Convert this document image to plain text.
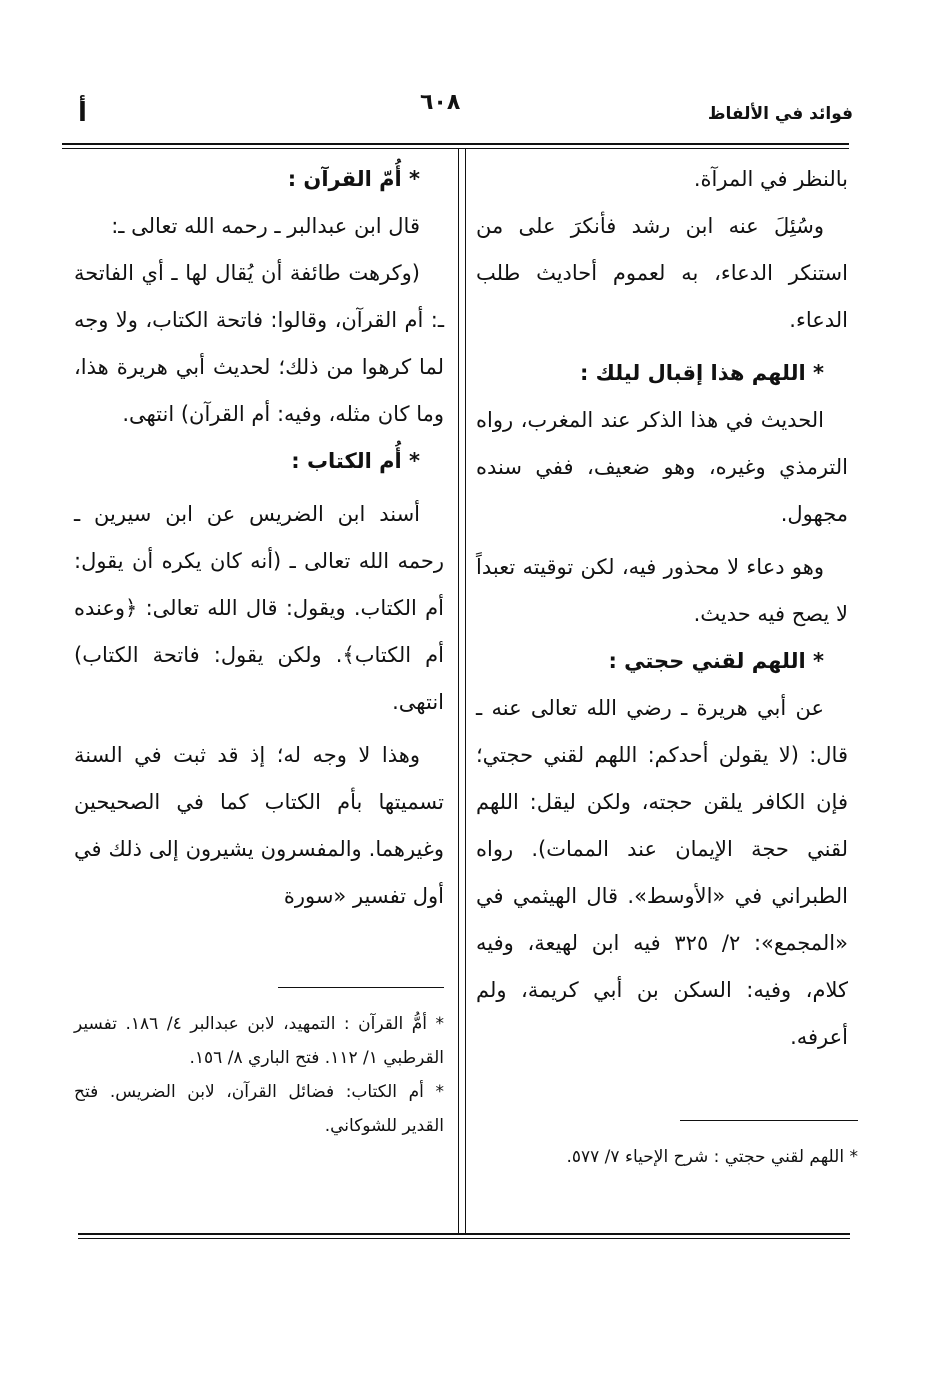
فوائد في الألفاظ
٦٠٨
أ

بالنظر في المرآة.

وسُئِلَ عنه ابن رشد فأنكرَ على من استنكر الدعاء، به لعموم أحاديث طلب الدعاء.

* اللهم هذا إقبال ليلك :

الحديث في هذا الذكر عند المغرب، رواه الترمذي وغيره، وهو ضعيف، ففي سنده مجهول.

وهو دعاء لا محذور فيه، لكن توقيته تعبداً لا يصح فيه حديث.

* اللهم لقني حجتي :

عن أبي هريرة ـ رضي الله تعالى عنه ـ قال: (لا يقولن أحدكم: اللهم لقني حجتي؛ فإن الكافر يلقن حجته، ولكن ليقل: اللهم لقني حجة الإيمان عند الممات). رواه الطبراني في «الأوسط». قال الهيثمي في «المجمع»: ٢/ ٣٢٥ فيه ابن لهيعة، وفيه كلام، وفيه: السكن بن أبي كريمة، ولم أعرفه.

* اللهم لقني حجتي : شرح الإحياء ٧/ ٥٧٧.

* أُمّ القرآن :

قال ابن عبدالبر ـ رحمه الله تعالى ـ:

(وكرهت طائفة أن يُقال لها ـ أي الفاتحة ـ: أم القرآن، وقالوا: فاتحة الكتاب، ولا وجه لما كرهوا من ذلك؛ لحديث أبي هريرة هذا، وما كان مثله، وفيه: أم القرآن) انتهى.

* أُم الكتاب :

أسند ابن الضريس عن ابن سيرين ـ رحمه الله تعالى ـ (أنه كان يكره أن يقول: أم الكتاب. ويقول: قال الله تعالى: ﴿وعنده أم الكتاب﴾. ولكن يقول: فاتحة الكتاب) انتهى.

وهذا لا وجه له؛ إذ قد ثبت في السنة تسميتها بأم الكتاب كما في الصحيحين وغيرهما. والمفسرون يشيرون إلى ذلك في أول تفسير «سورة

* أمُّ القرآن : التمهيد، لابن عبدالبر ٤/ ١٨٦. تفسير القرطبي ١/ ١١٢. فتح الباري ٨/ ١٥٦.

* أم الكتاب: فضائل القرآن، لابن الضريس. فتح القدير للشوكاني.
